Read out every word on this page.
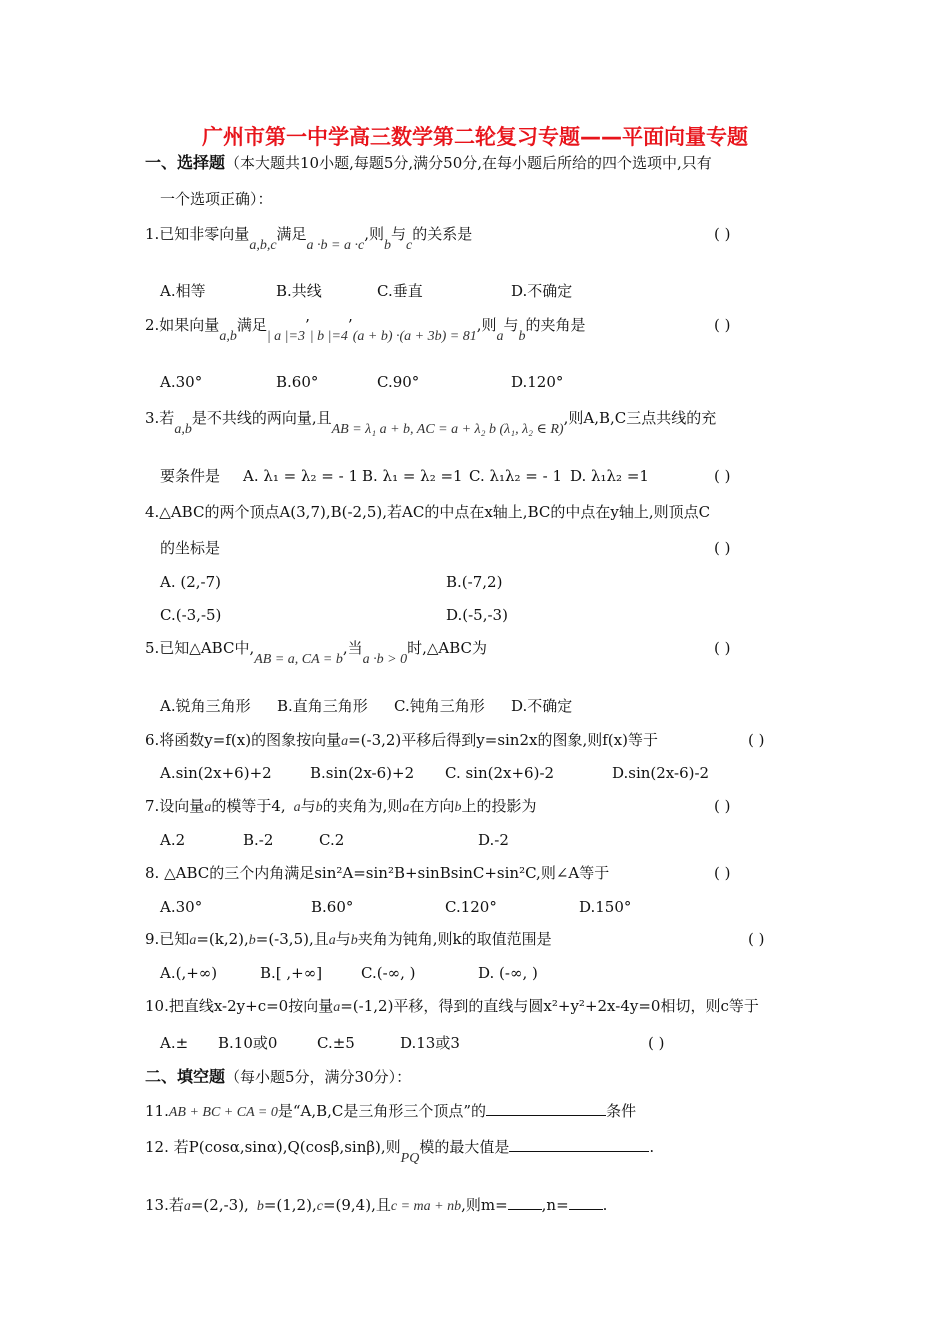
广州市第一中学高三数学第二轮复习专题——平面向量专题
一、选择题（本大题共10小题,每题5分,满分50分,在每小题后所给的四个选项中,只有
一个选项正确）：
1.已知非零向量a,b,c满足a ·b = a ·c,则b与c的关系是	( )
A.相等	B.共线	C.垂直	D.不确定
2.如果向量a,b满足| a |=3’| b |=4’(a + b) ·(a + 3b) = 81,则a与b的夹角是	( )
A.30°	B.60°	C.90°	D.120°
3.若a,b是不共线的两向量,且AB = λ₁ a + b, AC = a + λ₂ b (λ₁, λ₂ ∈ R),则A,B,C三点共线的充
要条件是 A. λ₁ = λ₂ = - 1 B. λ₁ = λ₂ =1 C. λ₁λ₂ = - 1 D. λ₁λ₂ =1	( )
4.△ABC的两个顶点A(3,7),B(-2,5),若AC的中点在x轴上,BC的中点在y轴上,则顶点C
的坐标是	( )
A. (2,-7)	B.(-7,2)
C.(-3,-5)	D.(-5,-3)
5.已知△ABC中,AB = a, CA = b,当a ·b > 0时,△ABC为	( )
A.锐角三角形 B.直角三角形 C.钝角三角形 D.不确定
6.将函数y=f(x)的图象按向量a=(-3,2)平移后得到y=sin2x的图象,则f(x)等于	( )
A.sin(2x+6)+2	B.sin(2x-6)+2 C. sin(2x+6)-2	D.sin(2x-6)-2
7.设向量a的模等于4, a与b的夹角为,则a在方向b上的投影为	( )
A.2	B.-2	C.2	D.-2
8. △ABC的三个内角满足sin²A=sin²B+sinBsinC+sin²C,则∠A等于	( )
A.30°	B.60°	C.120°	D.150°
9.已知a=(k,2),b=(-3,5),且a与b夹角为钝角,则k的取值范围是	( )
A.(,+∞)	B.[ ,+∞]	C.(-∞, )	D. (-∞, )
10.把直线x-2y+c=0按向量a=(-1,2)平移，得到的直线与圆x²+y²+2x-4y=0相切，则c等于
A.± B.10或0	C.±5	D.13或3	( )
二、填空题（每小题5分，满分30分）：
11.AB + BC + CA = 0是“A,B,C是三角形三个顶点”的	条件
12. 若P(cosα,sinα),Q(cosβ,sinβ),则PQ模的最大值是	.
13.若a=(2,-3), b=(1,2),c=(9,4),且c = ma + nb,则m= ,n= .
